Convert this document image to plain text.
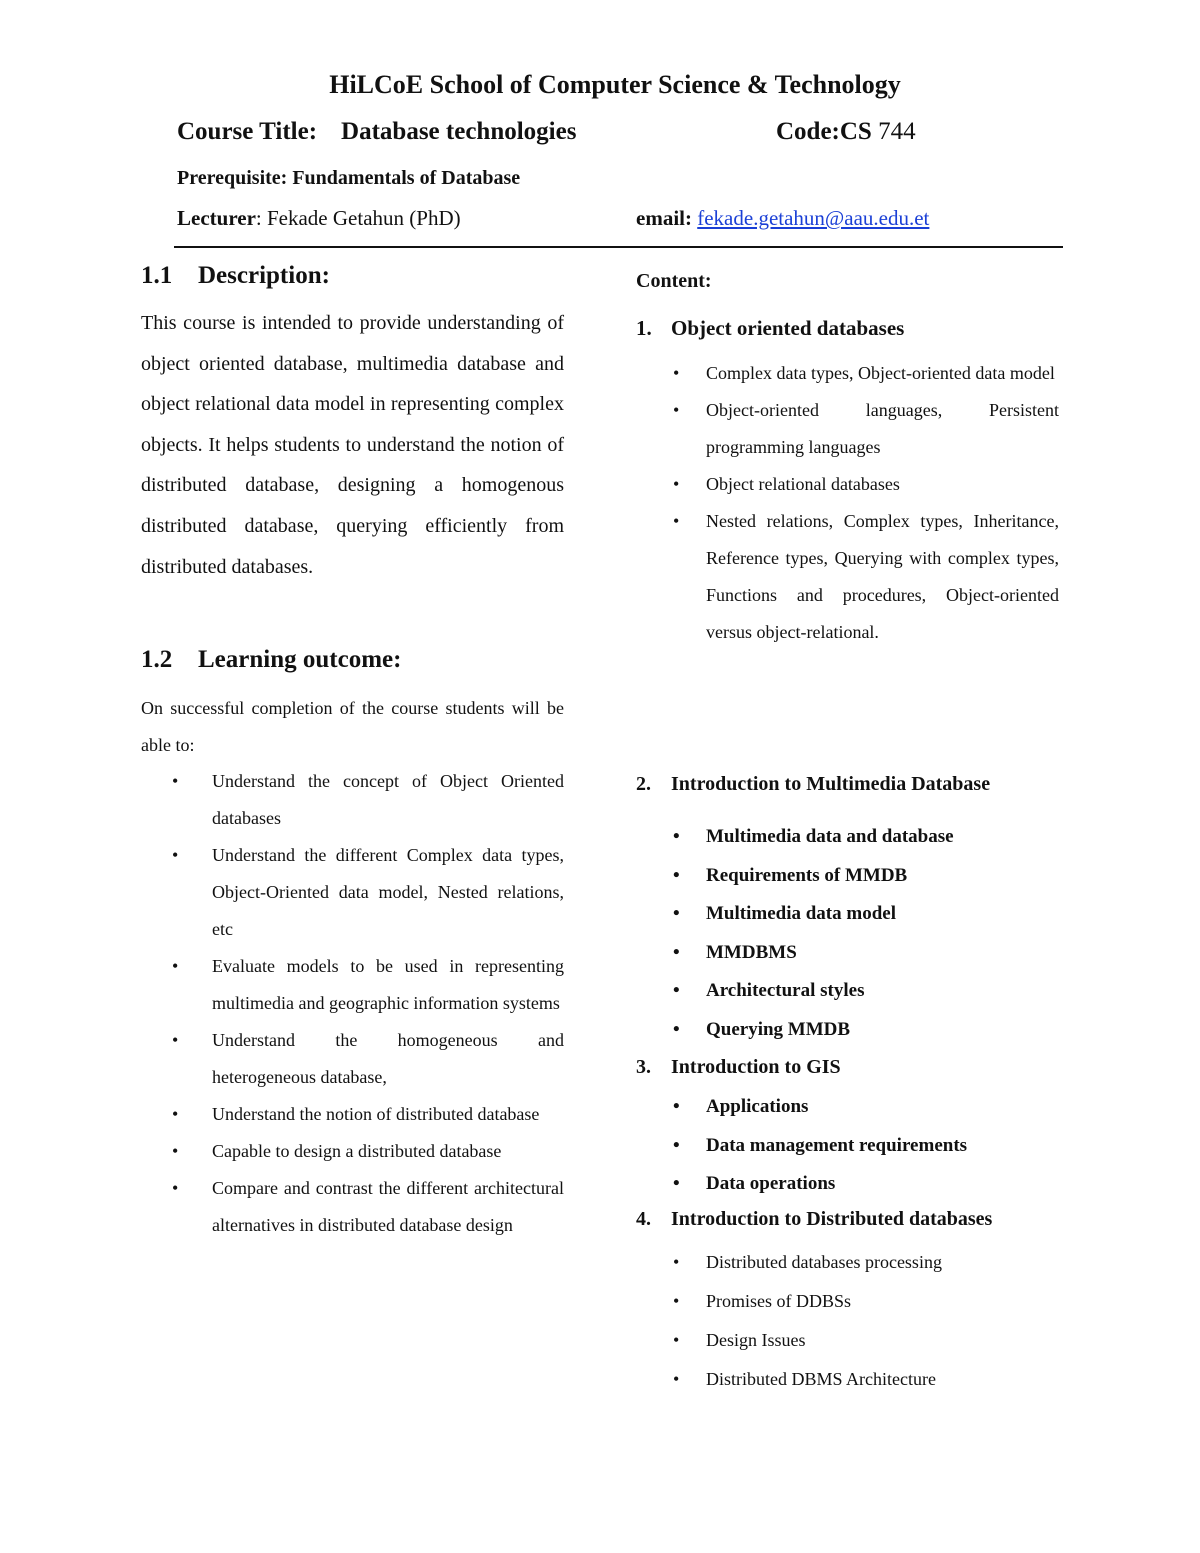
HiLCoE School of Computer Science & Technology
Course Title: Database technologies	Code:CS 744
Prerequisite: Fundamentals of Database
Lecturer: Fekade Getahun (PhD)	email: fekade.getahun@aau.edu.et
1.1 Description:
This course is intended to provide understanding of object oriented database, multimedia database and object relational data model in representing complex objects. It helps students to understand the notion of distributed database, designing a homogenous distributed database, querying efficiently from distributed databases.
1.2 Learning outcome:
On successful completion of the course students will be able to:
• Understand the concept of Object Oriented databases
• Understand the different Complex data types, Object-Oriented data model, Nested relations, etc
• Evaluate models to be used in representing multimedia and geographic information systems
• Understand the homogeneous and heterogeneous database,
• Understand the notion of distributed database
• Capable to design a distributed database
• Compare and contrast the different architectural alternatives in distributed database design
Content:
1. Object oriented databases
• Complex data types, Object-oriented data model
• Object-oriented languages, Persistent programming languages
• Object relational databases
• Nested relations, Complex types, Inheritance, Reference types, Querying with complex types, Functions and procedures, Object-oriented versus object-relational.
2. Introduction to Multimedia Database
• Multimedia data and database
• Requirements of MMDB
• Multimedia data model
• MMDBMS
• Architectural styles
• Querying MMDB
3. Introduction to GIS
• Applications
• Data management requirements
• Data operations
4. Introduction to Distributed databases
• Distributed databases processing
• Promises of DDBSs
• Design Issues
• Distributed DBMS Architecture
